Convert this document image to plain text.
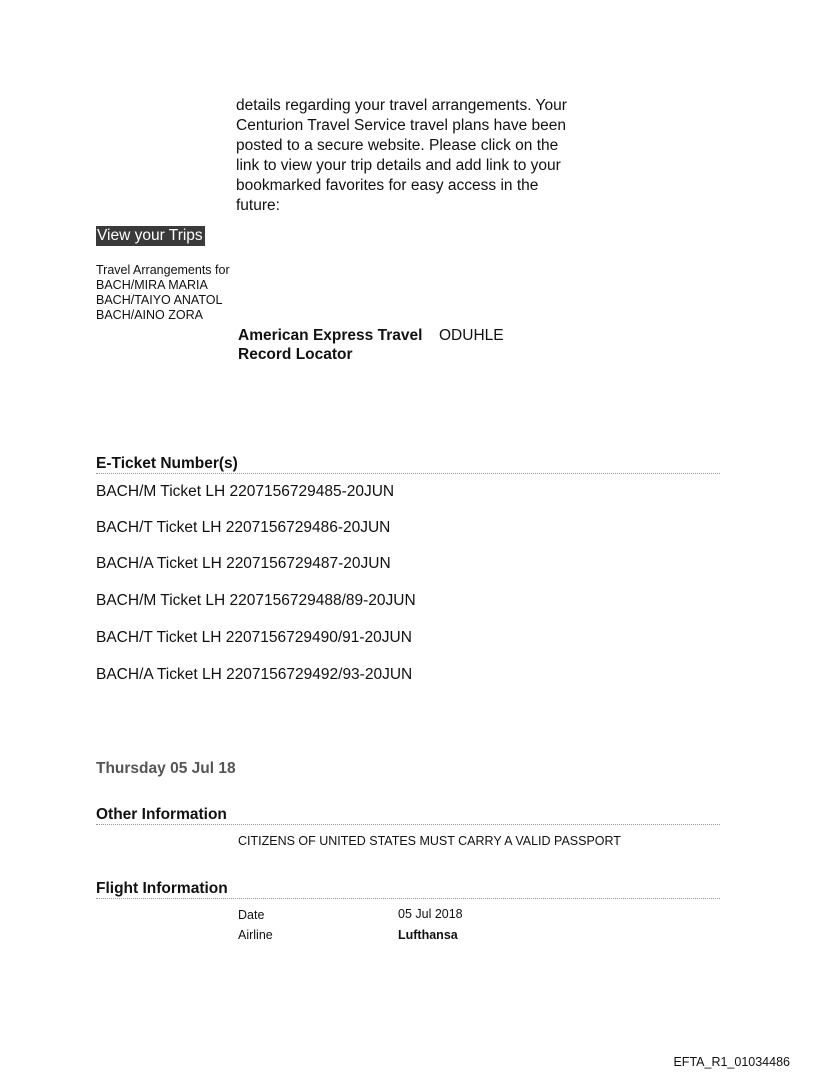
details regarding your travel arrangements. Your
Centurion Travel Service travel plans have been
posted to a secure website. Please click on the
link to view your trip details and add link to your
bookmarked favorites for easy access in the
future:
View your Trips
Travel Arrangements for
BACH/MIRA MARIA
BACH/TAIYO ANATOL
BACH/AINO ZORA
American Express Travel
Record Locator
ODUHLE
E-Ticket Number(s)
BACH/M Ticket LH 2207156729485-20JUN
BACH/T Ticket LH 2207156729486-20JUN
BACH/A Ticket LH 2207156729487-20JUN
BACH/M Ticket LH 2207156729488/89-20JUN
BACH/T Ticket LH 2207156729490/91-20JUN
BACH/A Ticket LH 2207156729492/93-20JUN
Thursday 05 Jul 18
Other Information
CITIZENS OF UNITED STATES MUST CARRY A VALID PASSPORT
Flight Information
Date	05 Jul 2018
Airline	Lufthansa
EFTA_R1_01034486
